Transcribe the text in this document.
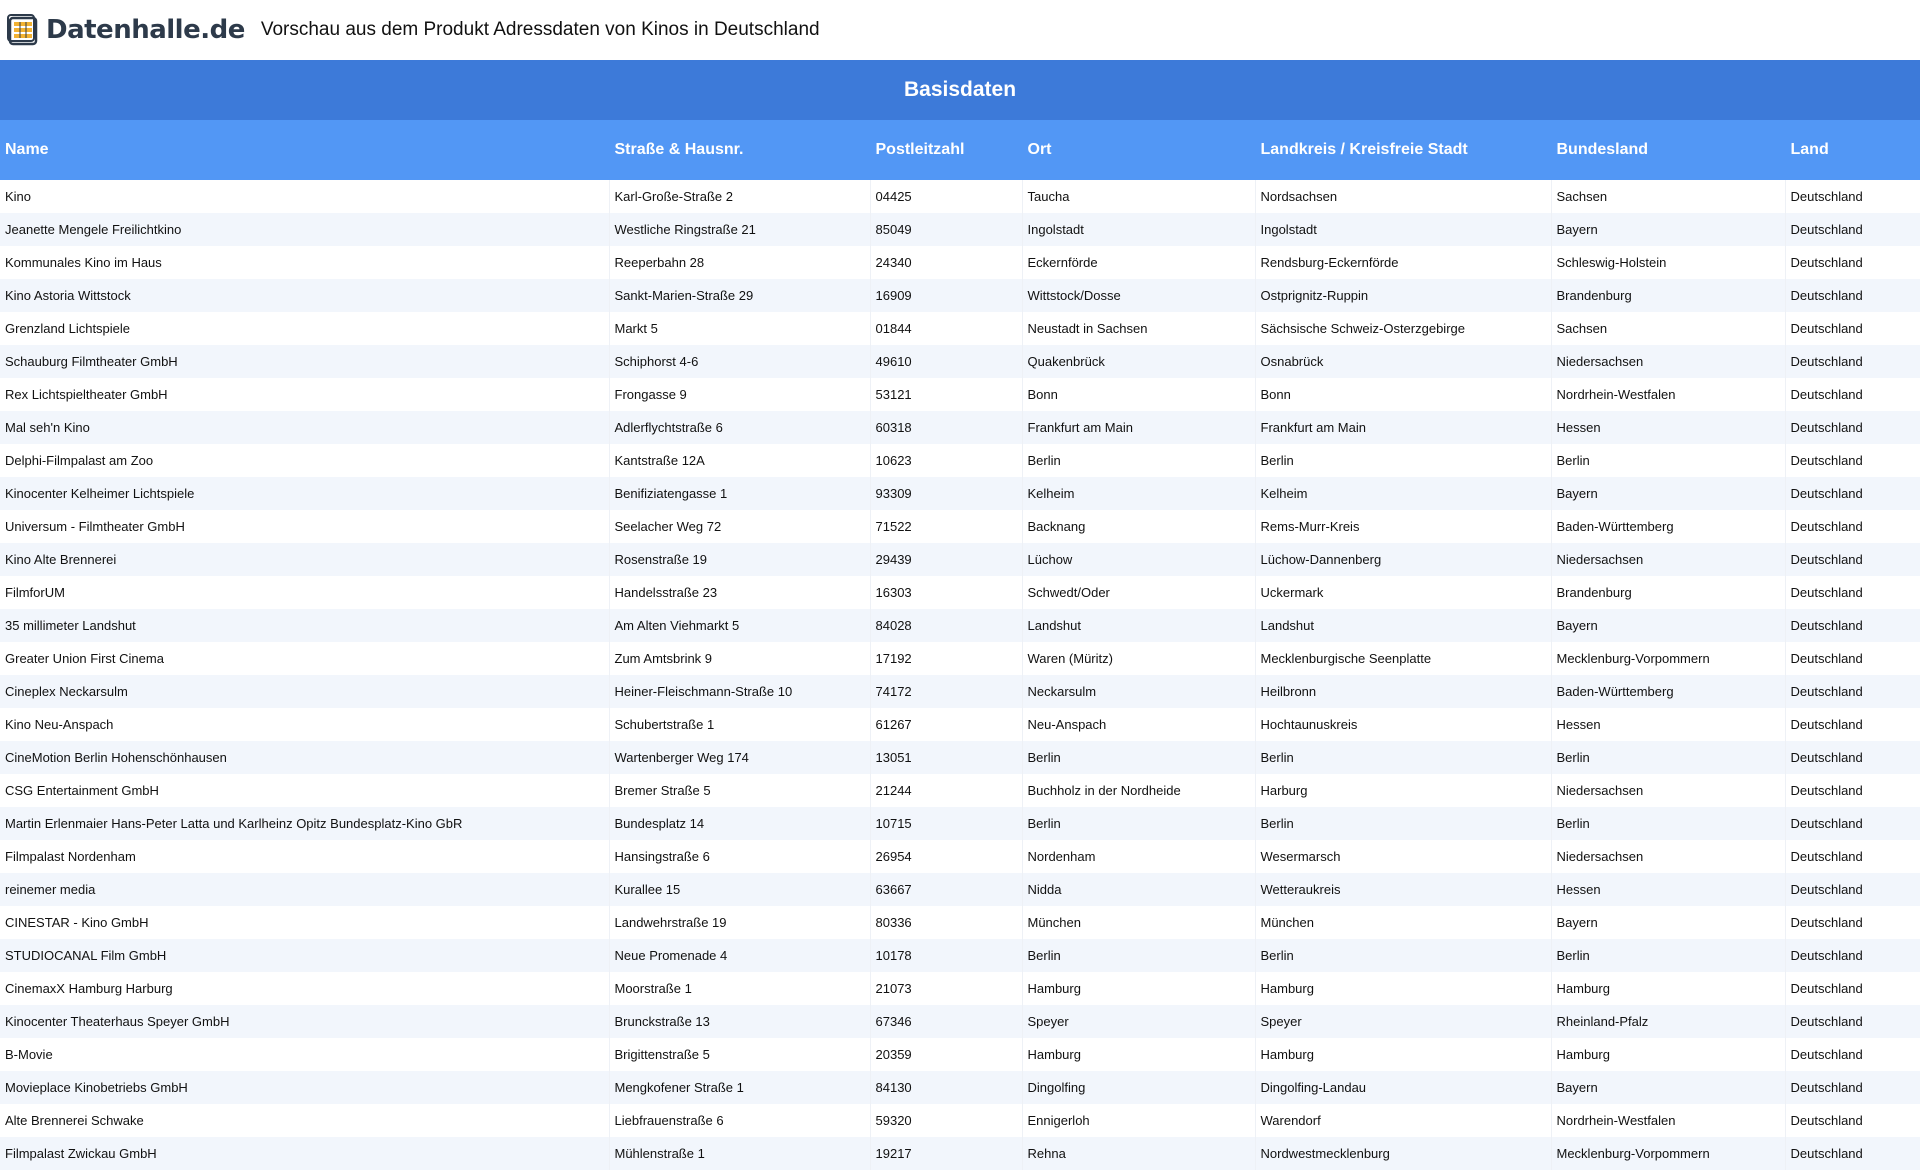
Datenhalle.de Vorschau aus dem Produkt Adressdaten von Kinos in Deutschland
Basisdaten						
Name	Straße & Hausnr.	Postleitzahl	Ort	Landkreis / Kreisfreie Stadt	Bundesland	Land
Kino	Karl-Große-Straße 2	04425	Taucha	Nordsachsen	Sachsen	Deutschland
Jeanette Mengele Freilichtkino	Westliche Ringstraße 21	85049	Ingolstadt	Ingolstadt	Bayern	Deutschland
Kommunales Kino im Haus	Reeperbahn 28	24340	Eckernförde	Rendsburg-Eckernförde	Schleswig-Holstein	Deutschland
Kino Astoria Wittstock	Sankt-Marien-Straße 29	16909	Wittstock/Dosse	Ostprignitz-Ruppin	Brandenburg	Deutschland
Grenzland Lichtspiele	Markt 5	01844	Neustadt in Sachsen	Sächsische Schweiz-Osterzgebirge	Sachsen	Deutschland
Schauburg Filmtheater GmbH	Schiphorst 4-6	49610	Quakenbrück	Osnabrück	Niedersachsen	Deutschland
Rex Lichtspieltheater GmbH	Frongasse 9	53121	Bonn	Bonn	Nordrhein-Westfalen	Deutschland
Mal seh'n Kino	Adlerflychtstraße 6	60318	Frankfurt am Main	Frankfurt am Main	Hessen	Deutschland
Delphi-Filmpalast am Zoo	Kantstraße 12A	10623	Berlin	Berlin	Berlin	Deutschland
Kinocenter Kelheimer Lichtspiele	Benifiziatengasse 1	93309	Kelheim	Kelheim	Bayern	Deutschland
Universum - Filmtheater GmbH	Seelacher Weg 72	71522	Backnang	Rems-Murr-Kreis	Baden-Württemberg	Deutschland
Kino Alte Brennerei	Rosenstraße 19	29439	Lüchow	Lüchow-Dannenberg	Niedersachsen	Deutschland
FilmforUM	Handelsstraße 23	16303	Schwedt/Oder	Uckermark	Brandenburg	Deutschland
35 millimeter Landshut	Am Alten Viehmarkt 5	84028	Landshut	Landshut	Bayern	Deutschland
Greater Union First Cinema	Zum Amtsbrink 9	17192	Waren (Müritz)	Mecklenburgische Seenplatte	Mecklenburg-Vorpommern	Deutschland
Cineplex Neckarsulm	Heiner-Fleischmann-Straße 10	74172	Neckarsulm	Heilbronn	Baden-Württemberg	Deutschland
Kino Neu-Anspach	Schubertstraße 1	61267	Neu-Anspach	Hochtaunuskreis	Hessen	Deutschland
CineMotion Berlin Hohenschönhausen	Wartenberger Weg 174	13051	Berlin	Berlin	Berlin	Deutschland
CSG Entertainment GmbH	Bremer Straße 5	21244	Buchholz in der Nordheide	Harburg	Niedersachsen	Deutschland
Martin Erlenmaier Hans-Peter Latta und Karlheinz Opitz Bundesplatz-Kino GbR	Bundesplatz 14	10715	Berlin	Berlin	Berlin	Deutschland
Filmpalast Nordenham	Hansingstraße 6	26954	Nordenham	Wesermarsch	Niedersachsen	Deutschland
reinemer media	Kurallee 15	63667	Nidda	Wetteraukreis	Hessen	Deutschland
CINESTAR - Kino GmbH	Landwehrstraße 19	80336	München	München	Bayern	Deutschland
STUDIOCANAL Film GmbH	Neue Promenade 4	10178	Berlin	Berlin	Berlin	Deutschland
CinemaxX Hamburg Harburg	Moorstraße 1	21073	Hamburg	Hamburg	Hamburg	Deutschland
Kinocenter Theaterhaus Speyer GmbH	Brunckstraße 13	67346	Speyer	Speyer	Rheinland-Pfalz	Deutschland
B-Movie	Brigittenstraße 5	20359	Hamburg	Hamburg	Hamburg	Deutschland
Movieplace Kinobetriebs GmbH	Mengkofener Straße 1	84130	Dingolfing	Dingolfing-Landau	Bayern	Deutschland
Alte Brennerei Schwake	Liebfrauenstraße 6	59320	Ennigerloh	Warendorf	Nordrhein-Westfalen	Deutschland
Filmpalast Zwickau GmbH	Mühlenstraße 1	19217	Rehna	Nordwestmecklenburg	Mecklenburg-Vorpommern	Deutschland
